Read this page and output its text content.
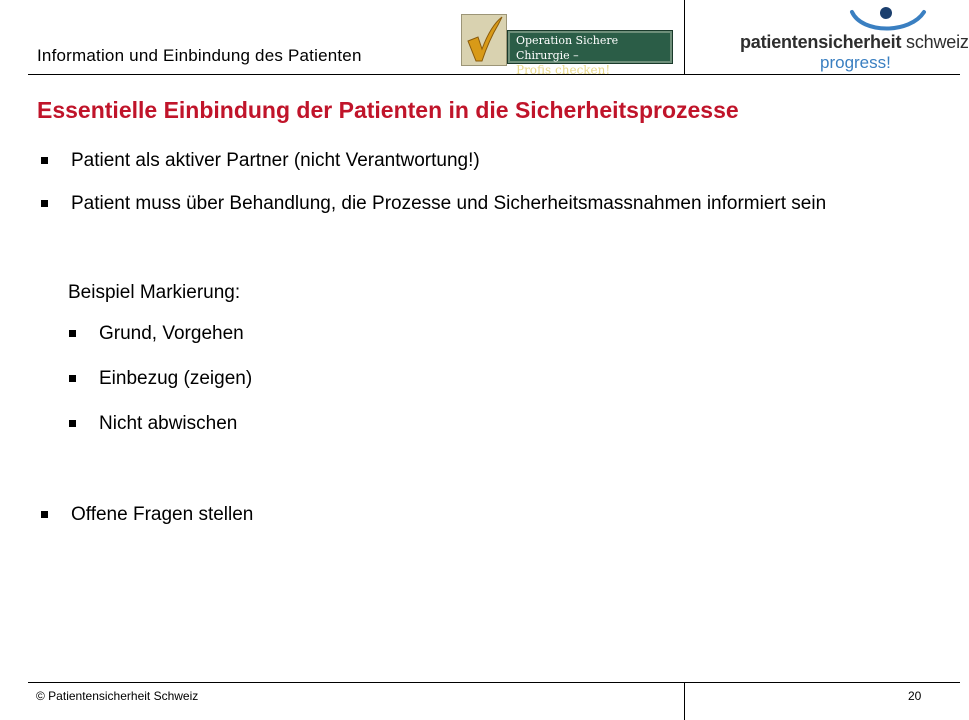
Information und Einbindung des Patienten
Operation Sichere Chirurgie –
Profis checken!
patientensicherheit schweiz
progress!
Essentielle Einbindung der Patienten in die Sicherheitsprozesse
Patient als aktiver Partner (nicht Verantwortung!)
Patient muss über Behandlung, die Prozesse und Sicherheitsmassnahmen informiert sein
Beispiel Markierung:
Grund, Vorgehen
Einbezug (zeigen)
Nicht abwischen
Offene Fragen stellen
© Patientensicherheit Schweiz	20
